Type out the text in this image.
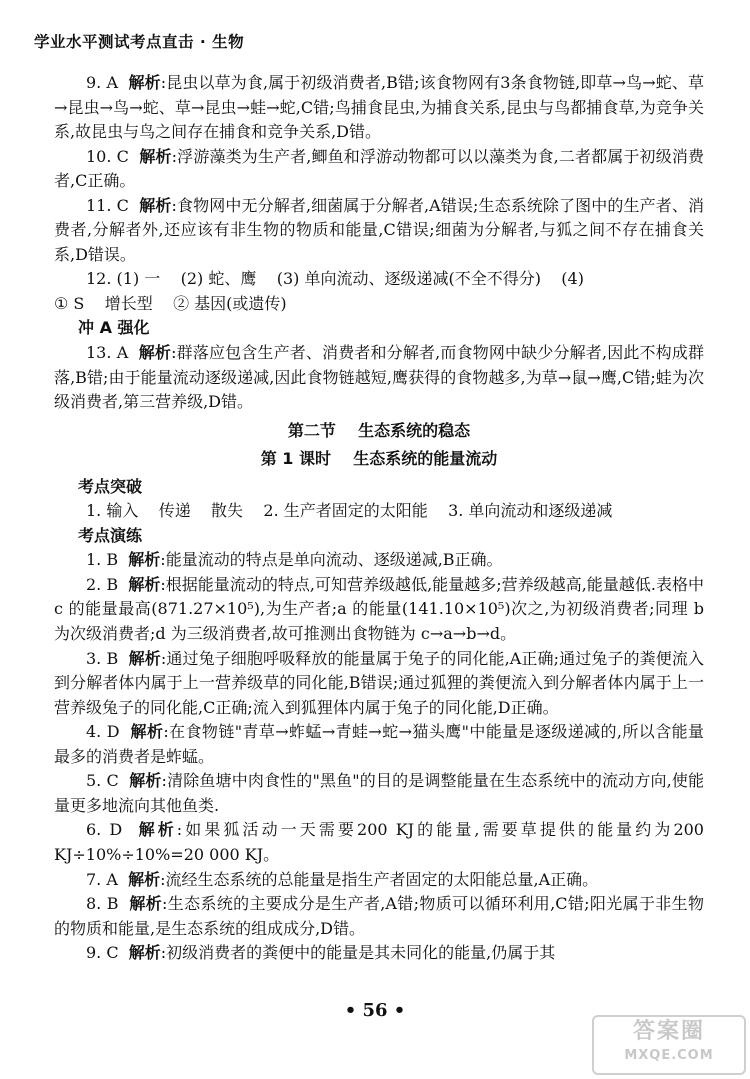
学业水平测试考点直击 · 生物

9. A 解析:昆虫以草为食,属于初级消费者,B错;该食物网有3条食物链,即草→鸟→蛇、草→昆虫→鸟→蛇、草→昆虫→蛙→蛇,C错;鸟捕食昆虫,为捕食关系,昆虫与鸟都捕食草,为竞争关系,故昆虫与鸟之间存在捕食和竞争关系,D错。

10. C 解析:浮游藻类为生产者,鲫鱼和浮游动物都可以以藻类为食,二者都属于初级消费者,C正确。

11. C 解析:食物网中无分解者,细菌属于分解者,A错误;生态系统除了图中的生产者、消费者,分解者外,还应该有非生物的物质和能量,C错误;细菌为分解者,与狐之间不存在捕食关系,D错误。

12. (1) 一    (2) 蛇、鹰    (3) 单向流动、逐级递减(不全不得分)    (4)

① S    增长型    ② 基因(或遗传)

冲 A 强化

13. A 解析:群落应包含生产者、消费者和分解者,而食物网中缺少分解者,因此不构成群落,B错;由于能量流动逐级递减,因此食物链越短,鹰获得的食物越多,为草→鼠→鹰,C错;蛙为次级消费者,第三营养级,D错。

第二节    生态系统的稳态

第 1 课时    生态系统的能量流动

考点突破

1. 输入    传递    散失    2. 生产者固定的太阳能    3. 单向流动和逐级递减

考点演练

1. B 解析:能量流动的特点是单向流动、逐级递减,B正确。

2. B 解析:根据能量流动的特点,可知营养级越低,能量越多;营养级越高,能量越低.表格中 c 的能量最高(871.27×10⁵),为生产者;a 的能量(141.10×10⁵)次之,为初级消费者;同理 b 为次级消费者;d 为三级消费者,故可推测出食物链为 c→a→b→d。

3. B 解析:通过兔子细胞呼吸释放的能量属于兔子的同化能,A正确;通过兔子的粪便流入到分解者体内属于上一营养级草的同化能,B错误;通过狐狸的粪便流入到分解者体内属于上一营养级兔子的同化能,C正确;流入到狐狸体内属于兔子的同化能,D正确。

4. D 解析:在食物链"青草→蚱蜢→青蛙→蛇→猫头鹰"中能量是逐级递减的,所以含能量最多的消费者是蚱蜢。

5. C 解析:清除鱼塘中肉食性的"黑鱼"的目的是调整能量在生态系统中的流动方向,使能量更多地流向其他鱼类.

6. D 解析:如果狐活动一天需要200 KJ的能量,需要草提供的能量约为200 KJ÷10%÷10%=20 000 KJ。

7. A 解析:流经生态系统的总能量是指生产者固定的太阳能总量,A正确。

8. B 解析:生态系统的主要成分是生产者,A错;物质可以循环利用,C错;阳光属于非生物的物质和能量,是生态系统的组成成分,D错。

9. C 解析:初级消费者的粪便中的能量是其未同化的能量,仍属于其

• 56 •
答案圈
MXQE.COM
